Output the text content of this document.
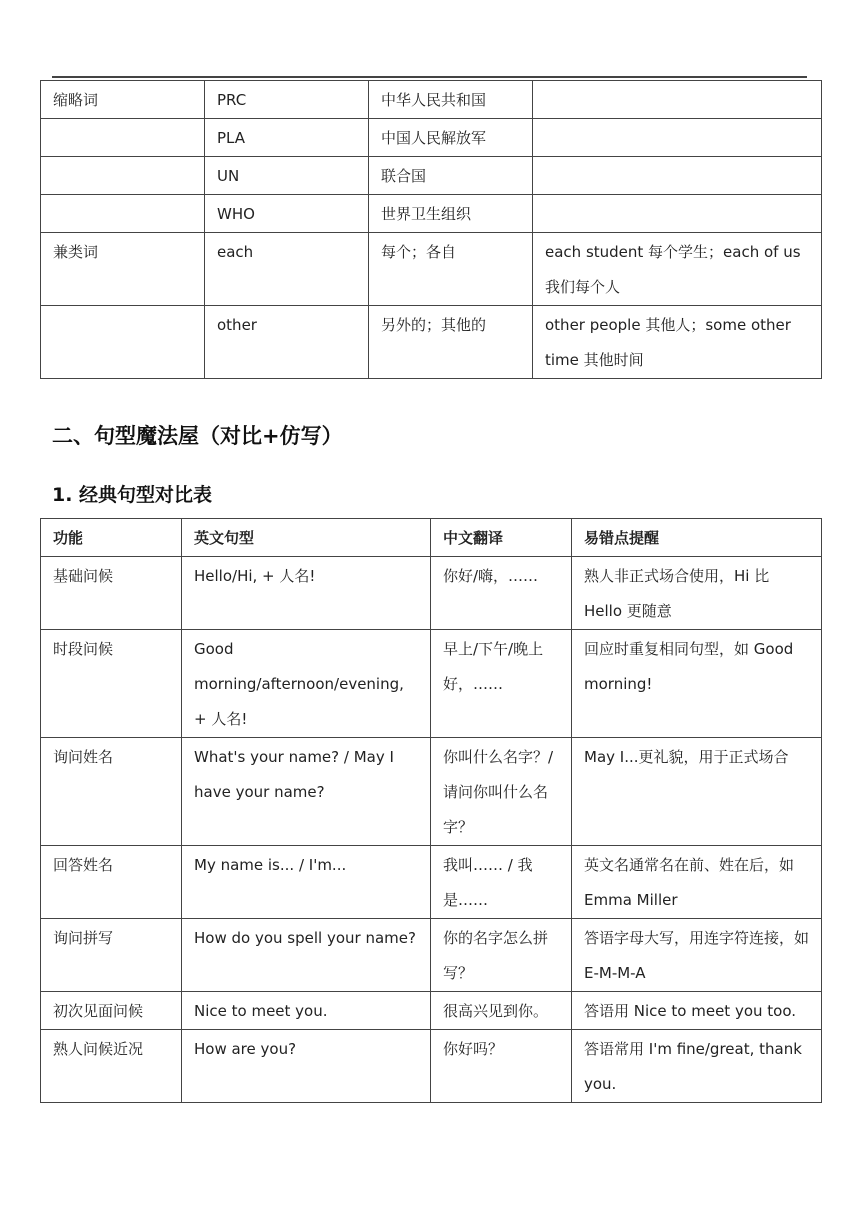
缩略词	PRC	中华人民共和国	
	PLA	中国人民解放军	
	UN	联合国	
	WHO	世界卫生组织	
兼类词	each	每个；各自	each student 每个学生；each of us 我们每个人
	other	另外的；其他的	other people 其他人；some other time 其他时间
二、句型魔法屋（对比+仿写）
1. 经典句型对比表
功能	英文句型	中文翻译	易错点提醒
基础问候	Hello/Hi, + 人名!	你好/嗨，……	熟人非正式场合使用，Hi 比 Hello 更随意
时段问候	Good morning/afternoon/evening, + 人名!	早上/下午/晚上好，……	回应时重复相同句型，如 Good morning!
询问姓名	What's your name? / May I have your name?	你叫什么名字？/请问你叫什么名字？	May I...更礼貌，用于正式场合
回答姓名	My name is... / I'm...	我叫…… / 我是……	英文名通常名在前、姓在后，如 Emma Miller
询问拼写	How do you spell your name?	你的名字怎么拼写？	答语字母大写，用连字符连接，如 E-M-M-A
初次见面问候	Nice to meet you.	很高兴见到你。	答语用 Nice to meet you too.
熟人问候近况	How are you?	你好吗？	答语常用 I'm fine/great, thank you.
